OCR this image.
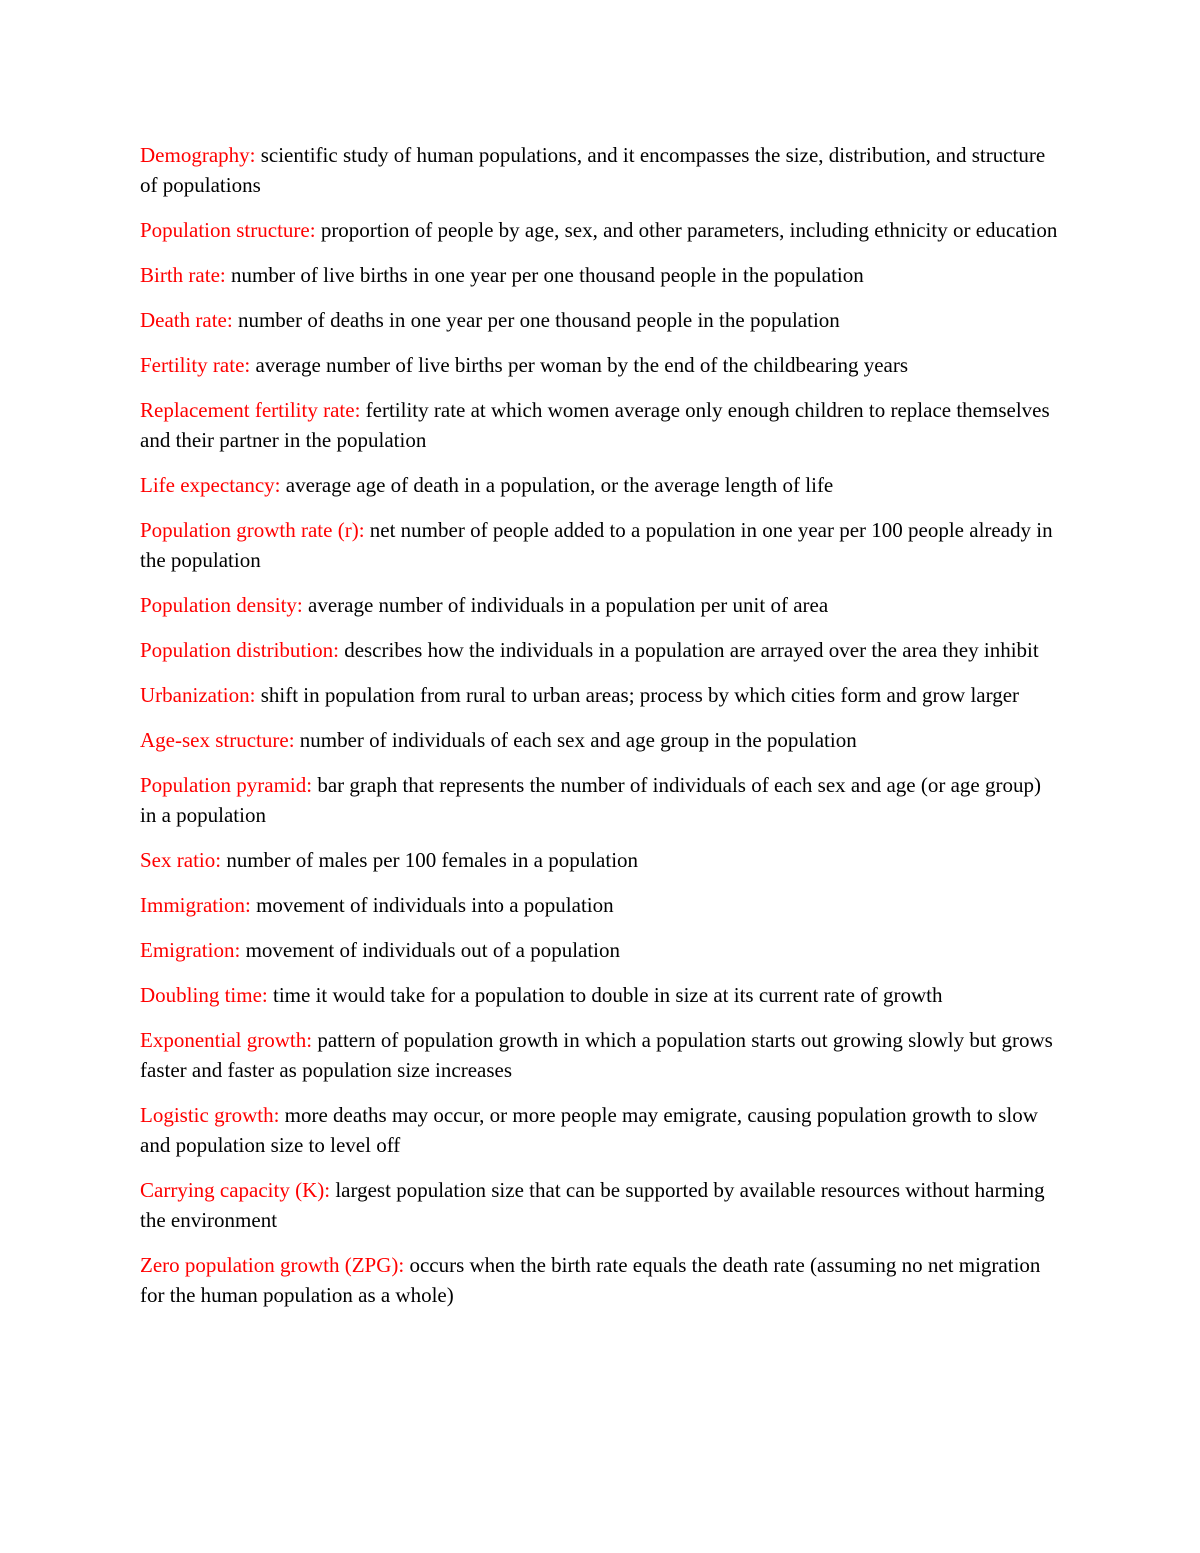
Demography: scientific study of human populations, and it encompasses the size, distribution, and structure of populations

Population structure: proportion of people by age, sex, and other parameters, including ethnicity or education

Birth rate: number of live births in one year per one thousand people in the population

Death rate: number of deaths in one year per one thousand people in the population

Fertility rate: average number of live births per woman by the end of the childbearing years

Replacement fertility rate: fertility rate at which women average only enough children to replace themselves and their partner in the population

Life expectancy: average age of death in a population, or the average length of life

Population growth rate (r): net number of people added to a population in one year per 100 people already in the population

Population density: average number of individuals in a population per unit of area

Population distribution: describes how the individuals in a population are arrayed over the area they inhibit

Urbanization: shift in population from rural to urban areas; process by which cities form and grow larger

Age-sex structure: number of individuals of each sex and age group in the population

Population pyramid: bar graph that represents the number of individuals of each sex and age (or age group) in a population

Sex ratio: number of males per 100 females in a population

Immigration: movement of individuals into a population

Emigration: movement of individuals out of a population

Doubling time: time it would take for a population to double in size at its current rate of growth

Exponential growth: pattern of population growth in which a population starts out growing slowly but grows faster and faster as population size increases

Logistic growth: more deaths may occur, or more people may emigrate, causing population growth to slow and population size to level off

Carrying capacity (K): largest population size that can be supported by available resources without harming the environment

Zero population growth (ZPG): occurs when the birth rate equals the death rate (assuming no net migration for the human population as a whole)
